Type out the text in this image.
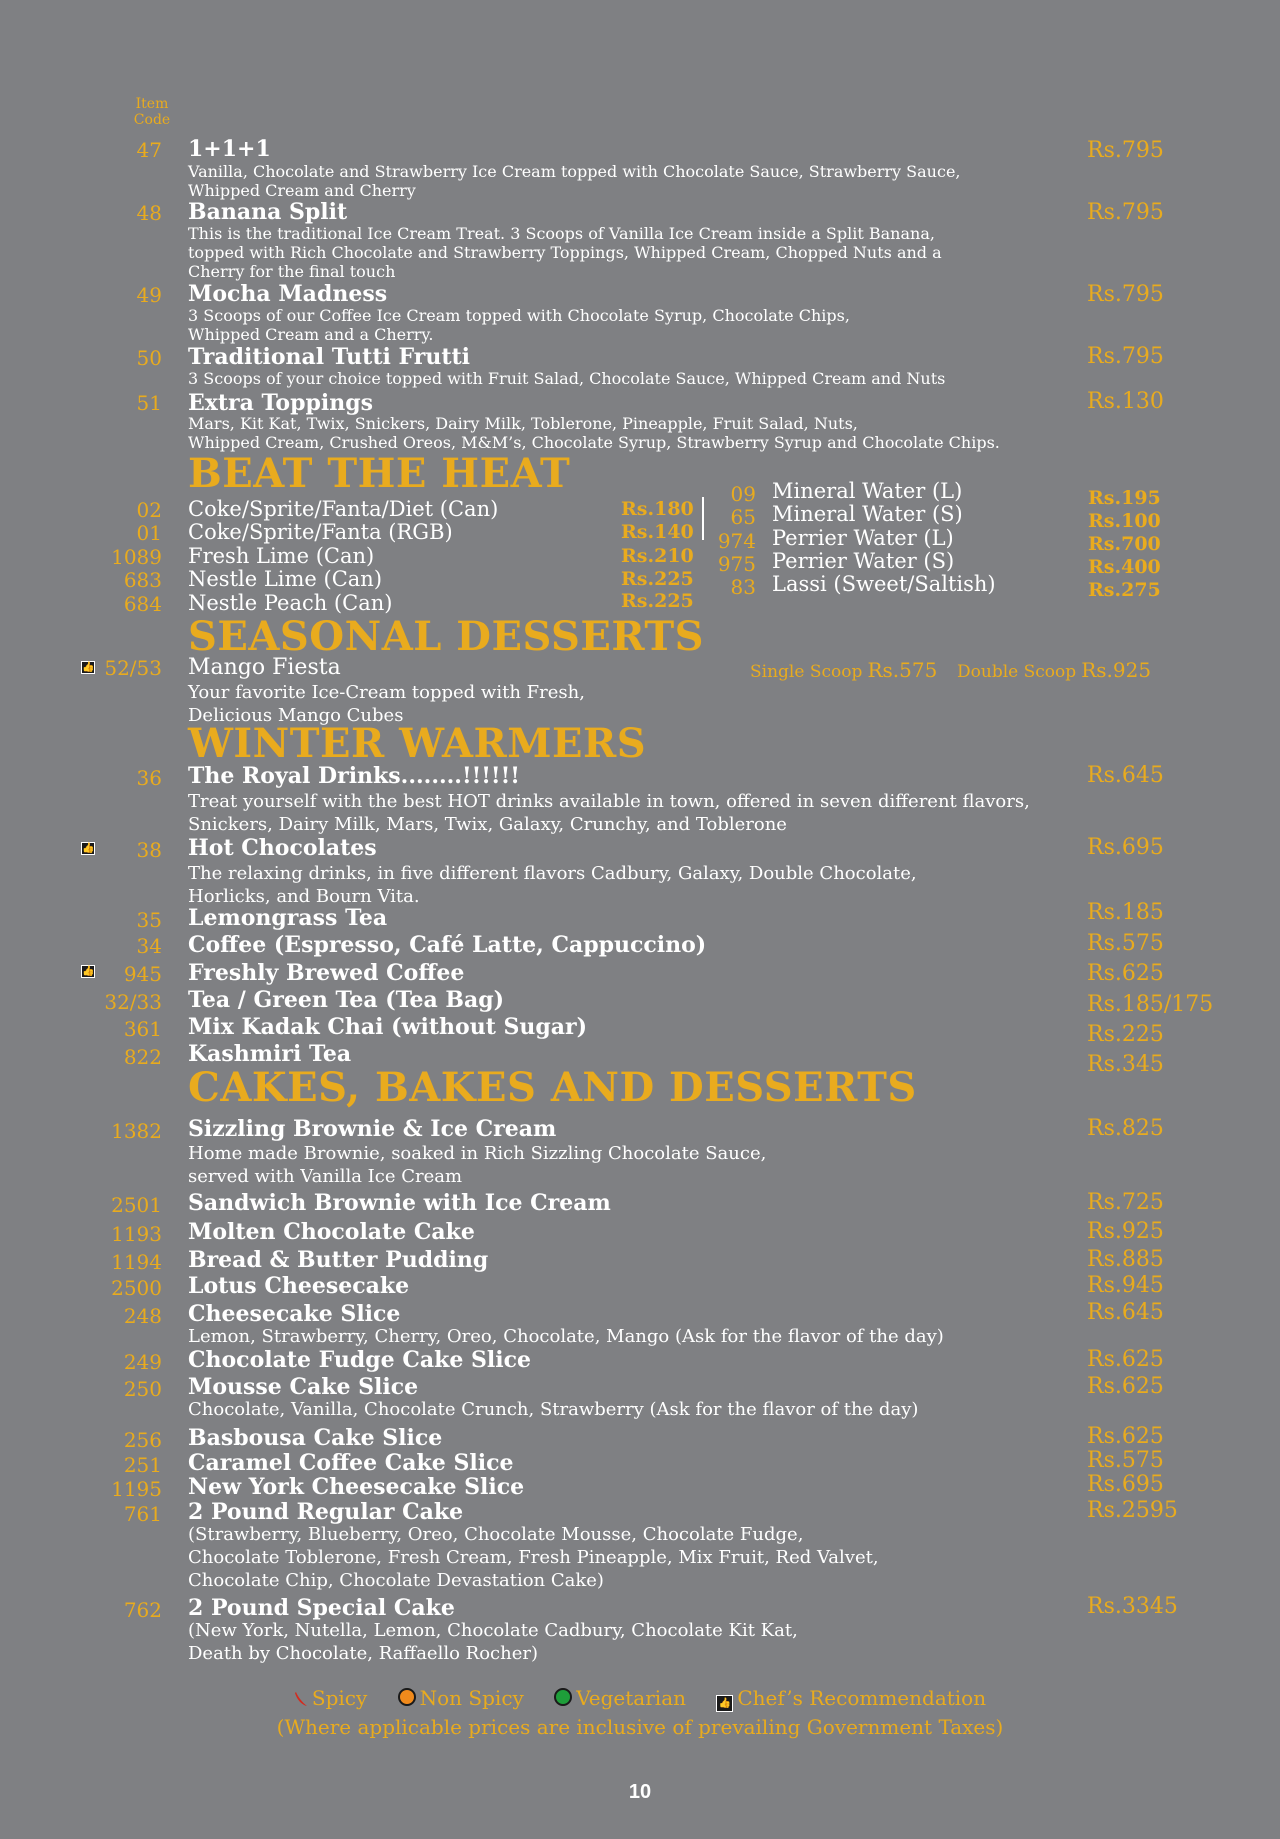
Item
Code
47 1+1+1	Rs.795
Vanilla, Chocolate and Strawberry Ice Cream topped with Chocolate Sauce, Strawberry Sauce,
Whipped Cream and Cherry
48 Banana Split	Rs.795
This is the traditional Ice Cream Treat. 3 Scoops of Vanilla Ice Cream inside a Split Banana,
topped with Rich Chocolate and Strawberry Toppings, Whipped Cream, Chopped Nuts and a
Cherry for the final touch
49 Mocha Madness	Rs.795
3 Scoops of our Coffee Ice Cream topped with Chocolate Syrup, Chocolate Chips,
Whipped Cream and a Cherry.
50 Traditional Tutti Frutti	Rs.795
3 Scoops of your choice topped with Fruit Salad, Chocolate Sauce, Whipped Cream and Nuts
51 Extra Toppings	Rs.130
Mars, Kit Kat, Twix, Snickers, Dairy Milk, Toblerone, Pineapple, Fruit Salad, Nuts,
Whipped Cream, Crushed Oreos, M&M’s, Chocolate Syrup, Strawberry Syrup and Chocolate Chips.
BEAT THE HEAT
02 Coke/Sprite/Fanta/Diet (Can)	Rs.180
01 Coke/Sprite/Fanta (RGB)	Rs.140
1089 Fresh Lime (Can)	Rs.210
683 Nestle Lime (Can)	Rs.225
684 Nestle Peach (Can)	Rs.225
09 Mineral Water (L)	Rs.195
65 Mineral Water (S)	Rs.100
974 Perrier Water (L)	Rs.700
975 Perrier Water (S)	Rs.400
83 Lassi (Sweet/Saltish)	Rs.275
SEASONAL DESSERTS
👍 52/53 Mango Fiesta	Single Scoop Rs.575 Double Scoop Rs.925
Your favorite Ice-Cream topped with Fresh,
Delicious Mango Cubes
WINTER WARMERS
36 The Royal Drinks........!!!!!!	Rs.645
Treat yourself with the best HOT drinks available in town, offered in seven different flavors,
Snickers, Dairy Milk, Mars, Twix, Galaxy, Crunchy, and Toblerone
👍	38 Hot Chocolates	Rs.695
The relaxing drinks, in five different flavors Cadbury, Galaxy, Double Chocolate,
Horlicks, and Bourn Vita.
35 Lemongrass Tea	Rs.185
34 Coffee (Espresso, Café Latte, Cappuccino)	Rs.575
👍	945 Freshly Brewed Coffee	Rs.625
32/33 Tea / Green Tea (Tea Bag)	Rs.185/175
361 Mix Kadak Chai (without Sugar)	Rs.225
822 Kashmiri Tea	Rs.345
CAKES, BAKES AND DESSERTS
1382 Sizzling Brownie & Ice Cream	Rs.825
Home made Brownie, soaked in Rich Sizzling Chocolate Sauce,
served with Vanilla Ice Cream
2501 Sandwich Brownie with Ice Cream	Rs.725
1193 Molten Chocolate Cake	Rs.925
1194 Bread & Butter Pudding	Rs.885
2500 Lotus Cheesecake	Rs.945
248 Cheesecake Slice	Rs.645
Lemon, Strawberry, Cherry, Oreo, Chocolate, Mango (Ask for the flavor of the day)
249 Chocolate Fudge Cake Slice	Rs.625
250 Mousse Cake Slice	Rs.625
Chocolate, Vanilla, Chocolate Crunch, Strawberry (Ask for the flavor of the day)
256 Basbousa Cake Slice	Rs.625
251 Caramel Coffee Cake Slice	Rs.575
1195 New York Cheesecake Slice	Rs.695
761 2 Pound Regular Cake	Rs.2595
(Strawberry, Blueberry, Oreo, Chocolate Mousse, Chocolate Fudge,
Chocolate Toblerone, Fresh Cream, Fresh Pineapple, Mix Fruit, Red Valvet,
Chocolate Chip, Chocolate Devastation Cake)
762 2 Pound Special Cake	Rs.3345
(New York, Nutella, Lemon, Chocolate Cadbury, Chocolate Kit Kat,
Death by Chocolate, Raffaello Rocher)
Spicy	Non Spicy	Vegetarian	👍 Chef’s Recommendation
(Where applicable prices are inclusive of prevailing Government Taxes)
10
